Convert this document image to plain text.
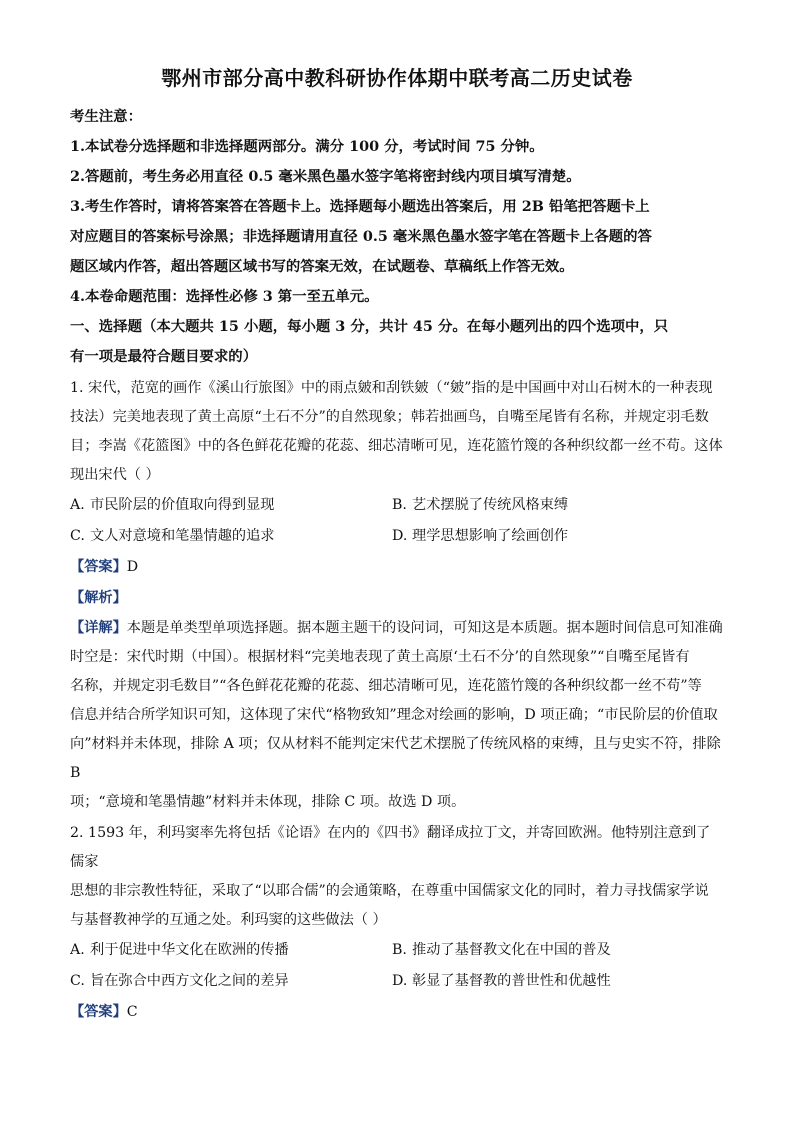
鄂州市部分高中教科研协作体期中联考高二历史试卷
考生注意：
1.本试卷分选择题和非选择题两部分。满分 100 分，考试时间 75 分钟。
2.答题前，考生务必用直径 0.5 毫米黑色墨水签字笔将密封线内项目填写清楚。
3.考生作答时，请将答案答在答题卡上。选择题每小题选出答案后，用 2B 铅笔把答题卡上
对应题目的答案标号涂黑；非选择题请用直径 0.5 毫米黑色墨水签字笔在答题卡上各题的答
题区域内作答，超出答题区域书写的答案无效，在试题卷、草稿纸上作答无效。
4.本卷命题范围：选择性必修 3 第一至五单元。
一、选择题（本大题共 15 小题，每小题 3 分，共计 45 分。在每小题列出的四个选项中，只
有一项是最符合题目要求的）

1. 宋代，范宽的画作《溪山行旅图》中的雨点皴和刮铁皴（“皴”指的是中国画中对山石树木的一种表现

技法）完美地表现了黄土高原“土石不分”的自然现象；韩若拙画鸟，自嘴至尾皆有名称，并规定羽毛数

目；李嵩《花篮图》中的各色鲜花花瓣的花蕊、细芯清晰可见，连花篮竹篾的各种织纹都一丝不苟。这体

现出宋代（ ）

A. 市民阶层的价值取向得到显现	B. 艺术摆脱了传统风格束缚
C. 文人对意境和笔墨情趣的追求	D. 理学思想影响了绘画创作
【答案】D
【解析】

【详解】本题是单类型单项选择题。据本题主题干的设问词，可知这是本质题。据本题时间信息可知准确

时空是：宋代时期（中国）。根据材料“完美地表现了黄土高原‘土石不分’的自然现象”“自嘴至尾皆有

名称，并规定羽毛数目”“各色鲜花花瓣的花蕊、细芯清晰可见，连花篮竹篾的各种织纹都一丝不苟”等

信息并结合所学知识可知，这体现了宋代“格物致知”理念对绘画的影响，D 项正确；“市民阶层的价值取

向”材料并未体现，排除 A 项；仅从材料不能判定宋代艺术摆脱了传统风格的束缚，且与史实不符，排除 B

项；“意境和笔墨情趣”材料并未体现，排除 C 项。故选 D 项。

2. 1593 年，利玛窦率先将包括《论语》在内的《四书》翻译成拉丁文，并寄回欧洲。他特别注意到了儒家

思想的非宗教性特征，采取了“以耶合儒”的会通策略，在尊重中国儒家文化的同时，着力寻找儒家学说

与基督教神学的互通之处。利玛窦的这些做法（ ）

A. 利于促进中华文化在欧洲的传播	B. 推动了基督教文化在中国的普及
C. 旨在弥合中西方文化之间的差异	D. 彰显了基督教的普世性和优越性
【答案】C
